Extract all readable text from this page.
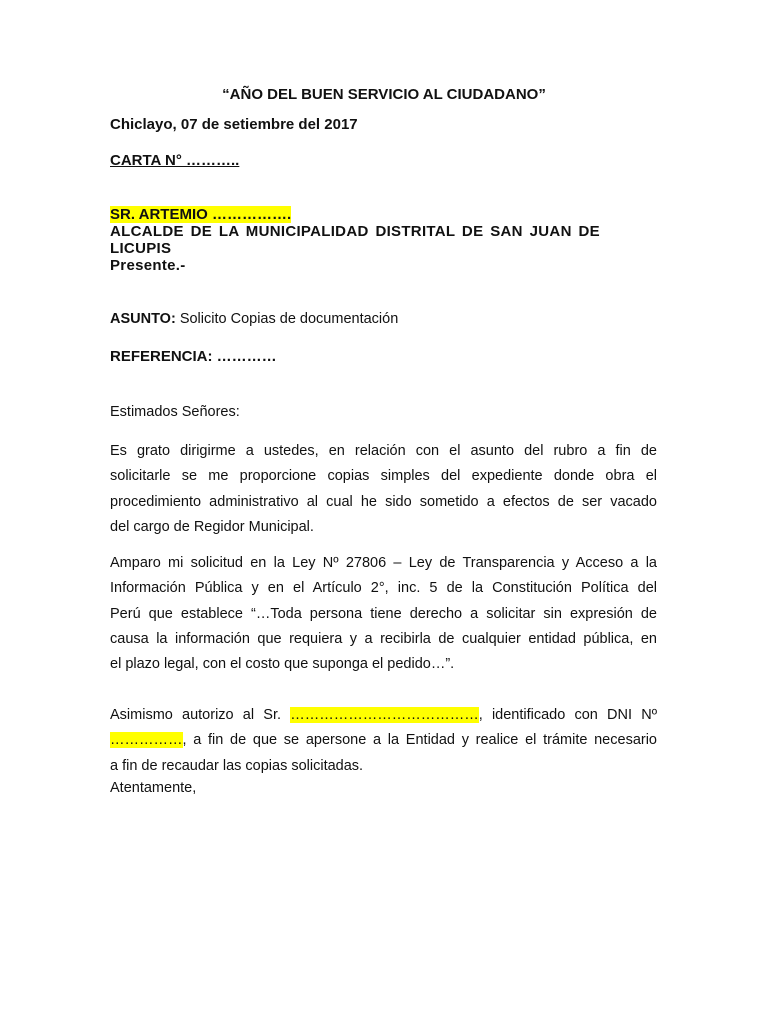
“AÑO DEL BUEN SERVICIO AL CIUDADANO”
Chiclayo, 07 de setiembre del 2017
CARTA N° ………..
SR. ARTEMIO …………….
ALCALDE DE LA MUNICIPALIDAD DISTRITAL DE SAN JUAN DE
LICUPIS
Presente.-
ASUNTO: Solicito Copias de documentación
REFERENCIA: …………
Estimados Señores:
Es grato dirigirme a ustedes, en relación con el asunto del rubro a fin de
solicitarle se me proporcione copias simples del expediente donde obra el
procedimiento administrativo al cual he sido sometido a efectos de ser vacado
del cargo de Regidor Municipal.
Amparo mi solicitud en la Ley Nº 27806 – Ley de Transparencia y Acceso a la
Información Pública y en el Artículo 2°, inc. 5 de la Constitución Política del
Perú que establece “…Toda persona tiene derecho a solicitar sin expresión de
causa la información que requiera y a recibirla de cualquier entidad pública, en
el plazo legal, con el costo que suponga el pedido…”.
Asimismo autorizo al Sr. …………………………………, identificado con DNI Nº
……………, a fin de que se apersone a la Entidad y realice el trámite necesario
a fin de recaudar las copias solicitadas.
Atentamente,
